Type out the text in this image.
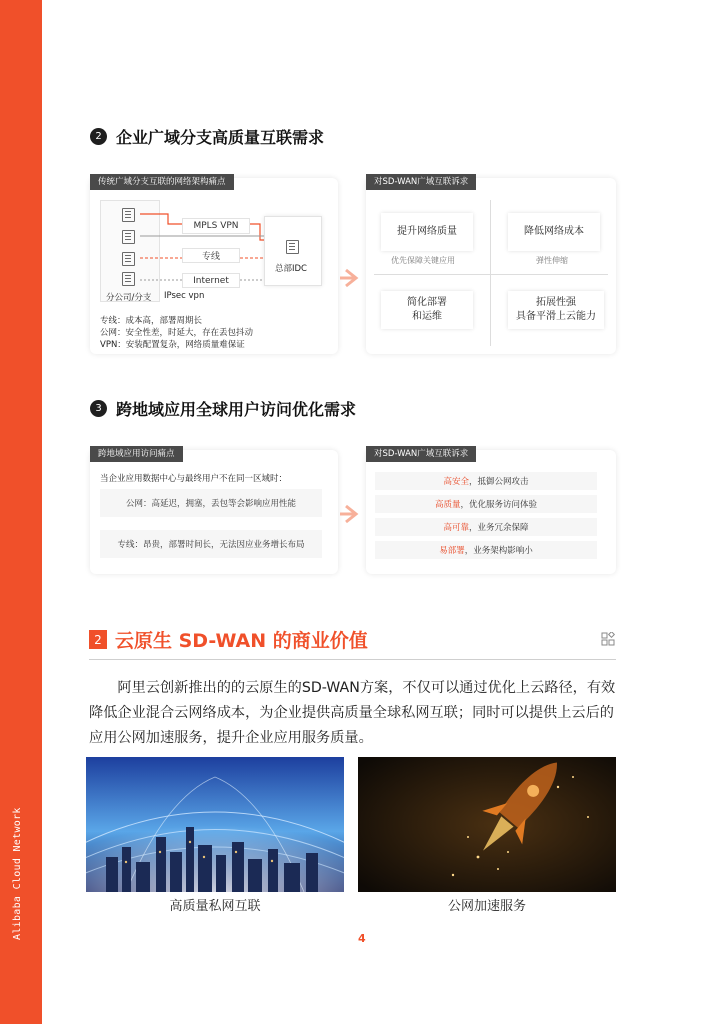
Alibaba Cloud Network
2 企业广域分支高质量互联需求
传统广域分支互联的网络架构痛点
分公司/分支
MPLS VPN
专线
Internet
IPsec vpn
总部IDC
专线：成本高，部署周期长
公网：安全性差，时延大，存在丢包抖动
VPN：安装配置复杂，网络质量难保证
对SD-WAN广域互联诉求
提升网络质量
优先保障关键应用
降低网络成本
弹性伸缩
简化部署
和运维
拓展性强
具备平滑上云能力
3 跨地域应用全球用户访问优化需求
跨地域应用访问痛点
当企业应用数据中心与最终用户不在同一区域时：
公网：高延迟，拥塞，丢包等会影响应用性能
专线：昂贵，部署时间长，无法因应业务增长布局
对SD-WAN广域互联诉求
高安全 ，抵御公网攻击
高质量 ，优化服务访问体验
高可靠 ，业务冗余保障
易部署 ，业务架构影响小
2 云原生 SD-WAN 的商业价值

阿里云创新推出的的云原生的SD-WAN方案，不仅可以通过优化上云路径，有效降低企业混合云网络成本，为企业提供高质量全球私网互联；同时可以提供上云后的应用公网加速服务，提升企业应用服务质量。

高质量私网互联	公网加速服务
4
